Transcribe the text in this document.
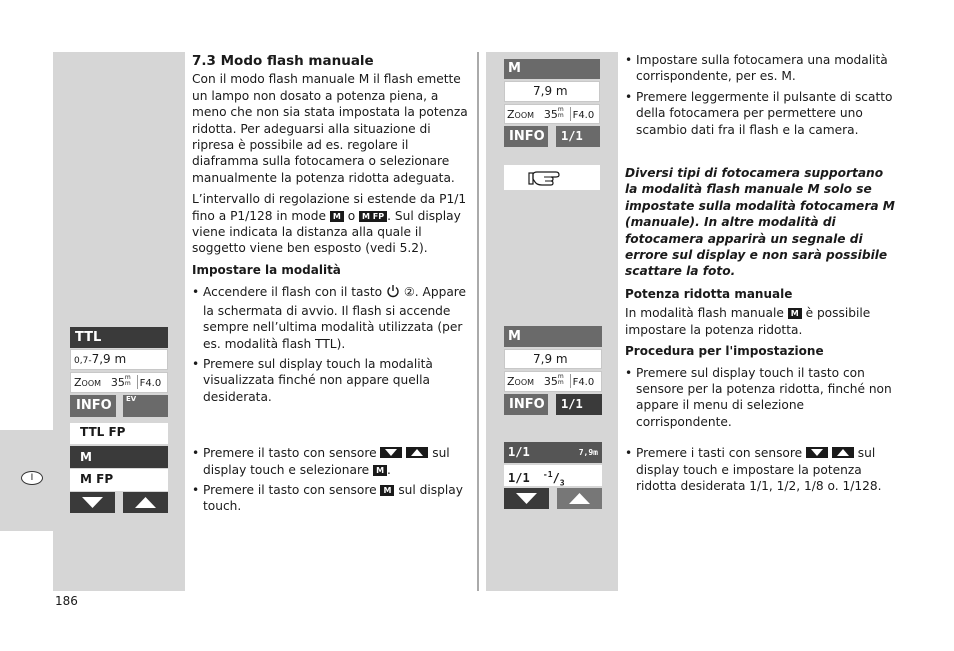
I
186
7.3 Modo flash manuale

Con il modo flash manuale M il flash emette un lampo non dosato a potenza piena, a meno che non sia stata impostata la potenza ridotta. Per adeguarsi alla situazione di ripresa è possibile ad es. regolare il diaframma sulla fotocamera o selezionare manualmente la potenza ridotta adeguata.

L’intervallo di regolazione si estende da P1/1 fino a P1/128 in mode M o M FP . Sul display viene indicata la distanza alla quale il soggetto viene ben esposto (vedi 5.2).

Impostare la modalità
• Accendere il flash con il tasto ②. Appare la schermata di avvio. Il flash si accende sempre nell’ultima modalità utilizzata (per es. modalità flash TTL).
• Premere sul display touch la modalità visualizzata finché non appare quella desiderata.
• Premere il tasto con sensore
	sul display touch e selezionare M .
• Premere il tasto con sensore M sul display touch.
TTL
0,7-7,9 m
Zoom 35m
m F4.0
INFO	$^{EV}$
TTL FP
M
M FP
M
7,9 m
Zoom 35m
m F4.0
INFO	1/1
M
7,9 m
Zoom 35m
m F4.0
INFO	1/1
1/1	7,9m
1/1 $^{-1}/_3$
• Impostare sulla fotocamera una modalità corrispondente, per es. M.
• Premere leggermente il pulsante di scatto della fotocamera per permettere uno scambio dati fra il flash e la camera.
Diversi tipi di fotocamera supportano la modalità flash manuale M solo se impostate sulla modalità fotocamera M (manuale). In altre modalità di fotocamera apparirà un segnale di errore sul display e non sarà possibile scattare la foto.
Potenza ridotta manuale

In modalità flash manuale M è possibile impostare la potenza ridotta.

Procedura per l'impostazione
• Premere sul display touch il tasto con sensore per la potenza ridotta, finché non appare il menu di selezione corrispondente.
• Premere i tasti con sensore
	sul display touch e impostare la potenza ridotta desiderata 1/1, 1/2, 1/8 o. 1/128.
